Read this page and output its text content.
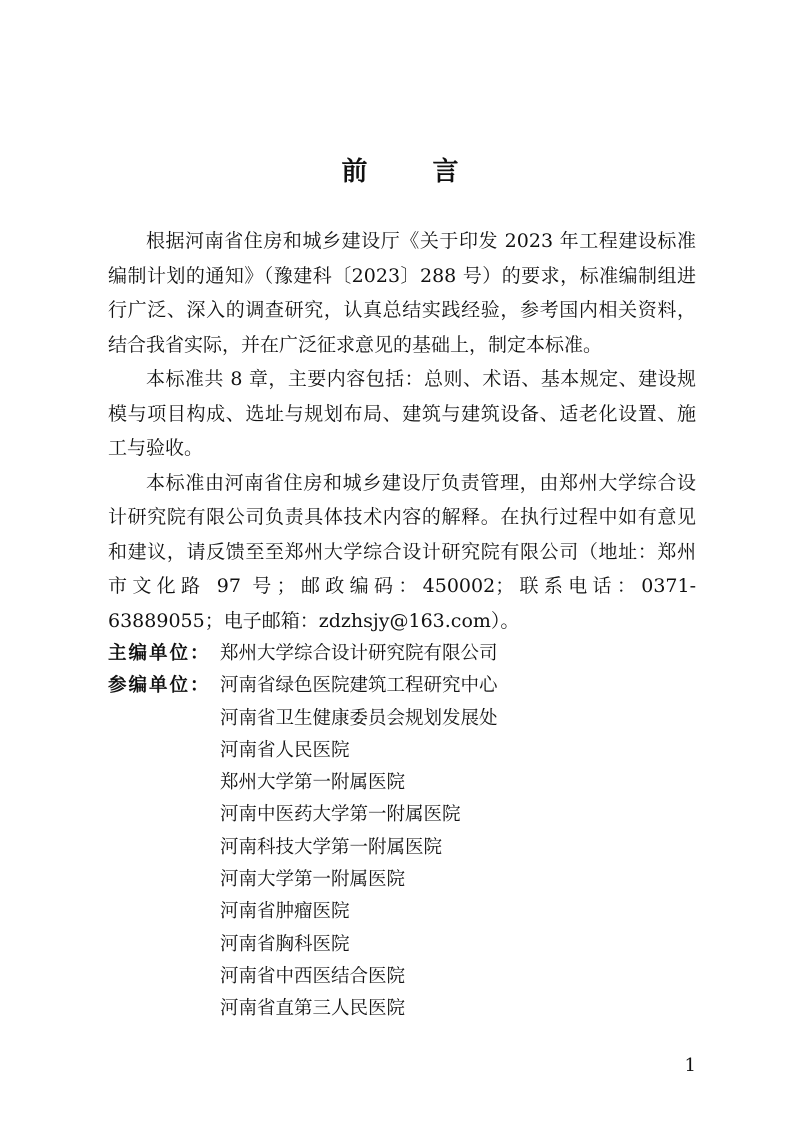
前 言

根据河南省住房和城乡建设厅《关于印发 2023 年工程建设标准编制计划的通知》（豫建科〔2023〕288 号）的要求，标准编制组进行广泛、深入的调查研究，认真总结实践经验，参考国内相关资料，结合我省实际，并在广泛征求意见的基础上，制定本标准。

本标准共 8 章，主要内容包括：总则、术语、基本规定、建设规模与项目构成、选址与规划布局、建筑与建筑设备、适老化设置、施工与验收。

本标准由河南省住房和城乡建设厅负责管理，由郑州大学综合设计研究院有限公司负责具体技术内容的解释。在执行过程中如有意见和建议，请反馈至至郑州大学综合设计研究院有限公司（地址：郑州市文化路 97 号；邮政编码：450002；联系电话：0371-63889055；电子邮箱：zdzhsjy@163.com）。

主编单位： 郑州大学综合设计研究院有限公司
参编单位： 河南省绿色医院建筑工程研究中心
河南省卫生健康委员会规划发展处
河南省人民医院
郑州大学第一附属医院
河南中医药大学第一附属医院
河南科技大学第一附属医院
河南大学第一附属医院
河南省肿瘤医院
河南省胸科医院
河南省中西医结合医院
河南省直第三人民医院
1
